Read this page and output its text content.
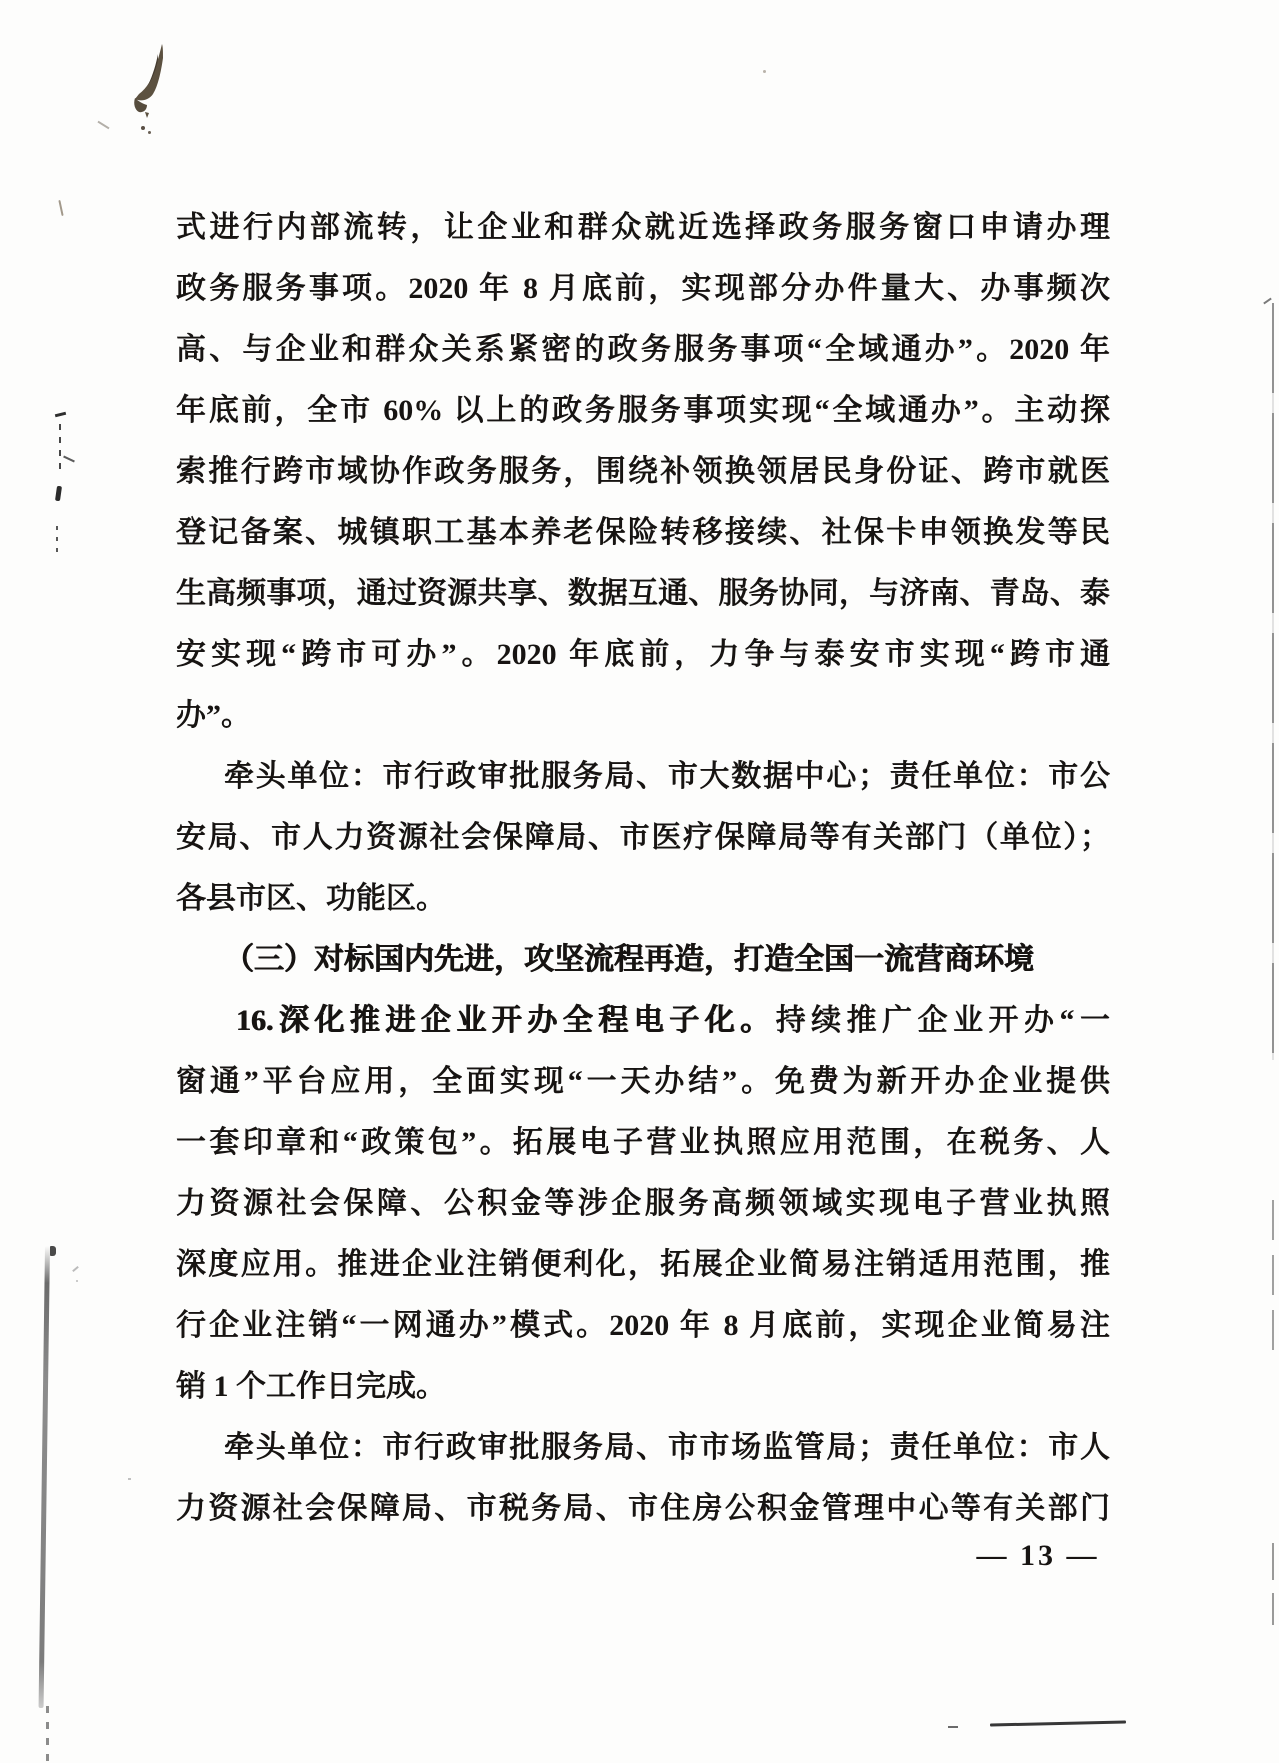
式进行内部流转，让企业和群众就近选择政务服务窗口申请办理
政务服务事项。2020 年 8 月底前，实现部分办件量大、办事频次
高、与企业和群众关系紧密的政务服务事项“全域通办”。2020 年
年底前，全市 60% 以上的政务服务事项实现“全域通办”。主动探
索推行跨市域协作政务服务，围绕补领换领居民身份证、跨市就医
登记备案、城镇职工基本养老保险转移接续、社保卡申领换发等民
生高频事项，通过资源共享、数据互通、服务协同，与济南、青岛、泰
安实现“跨市可办”。2020 年底前，力争与泰安市实现“跨市通
办”。
牵头单位：市行政审批服务局、市大数据中心；责任单位：市公
安局、市人力资源社会保障局、市医疗保障局等有关部门（单位）；
各县市区、功能区。
（三）对标国内先进，攻坚流程再造，打造全国一流营商环境
16.深化推进企业开办全程电子化。持续推广企业开办“一
窗通”平台应用，全面实现“一天办结”。免费为新开办企业提供
一套印章和“政策包”。拓展电子营业执照应用范围，在税务、人
力资源社会保障、公积金等涉企服务高频领域实现电子营业执照
深度应用。推进企业注销便利化，拓展企业简易注销适用范围，推
行企业注销“一网通办”模式。2020 年 8 月底前，实现企业简易注
销 1 个工作日完成。
牵头单位：市行政审批服务局、市市场监管局；责任单位：市人
力资源社会保障局、市税务局、市住房公积金管理中心等有关部门
— 13 —
